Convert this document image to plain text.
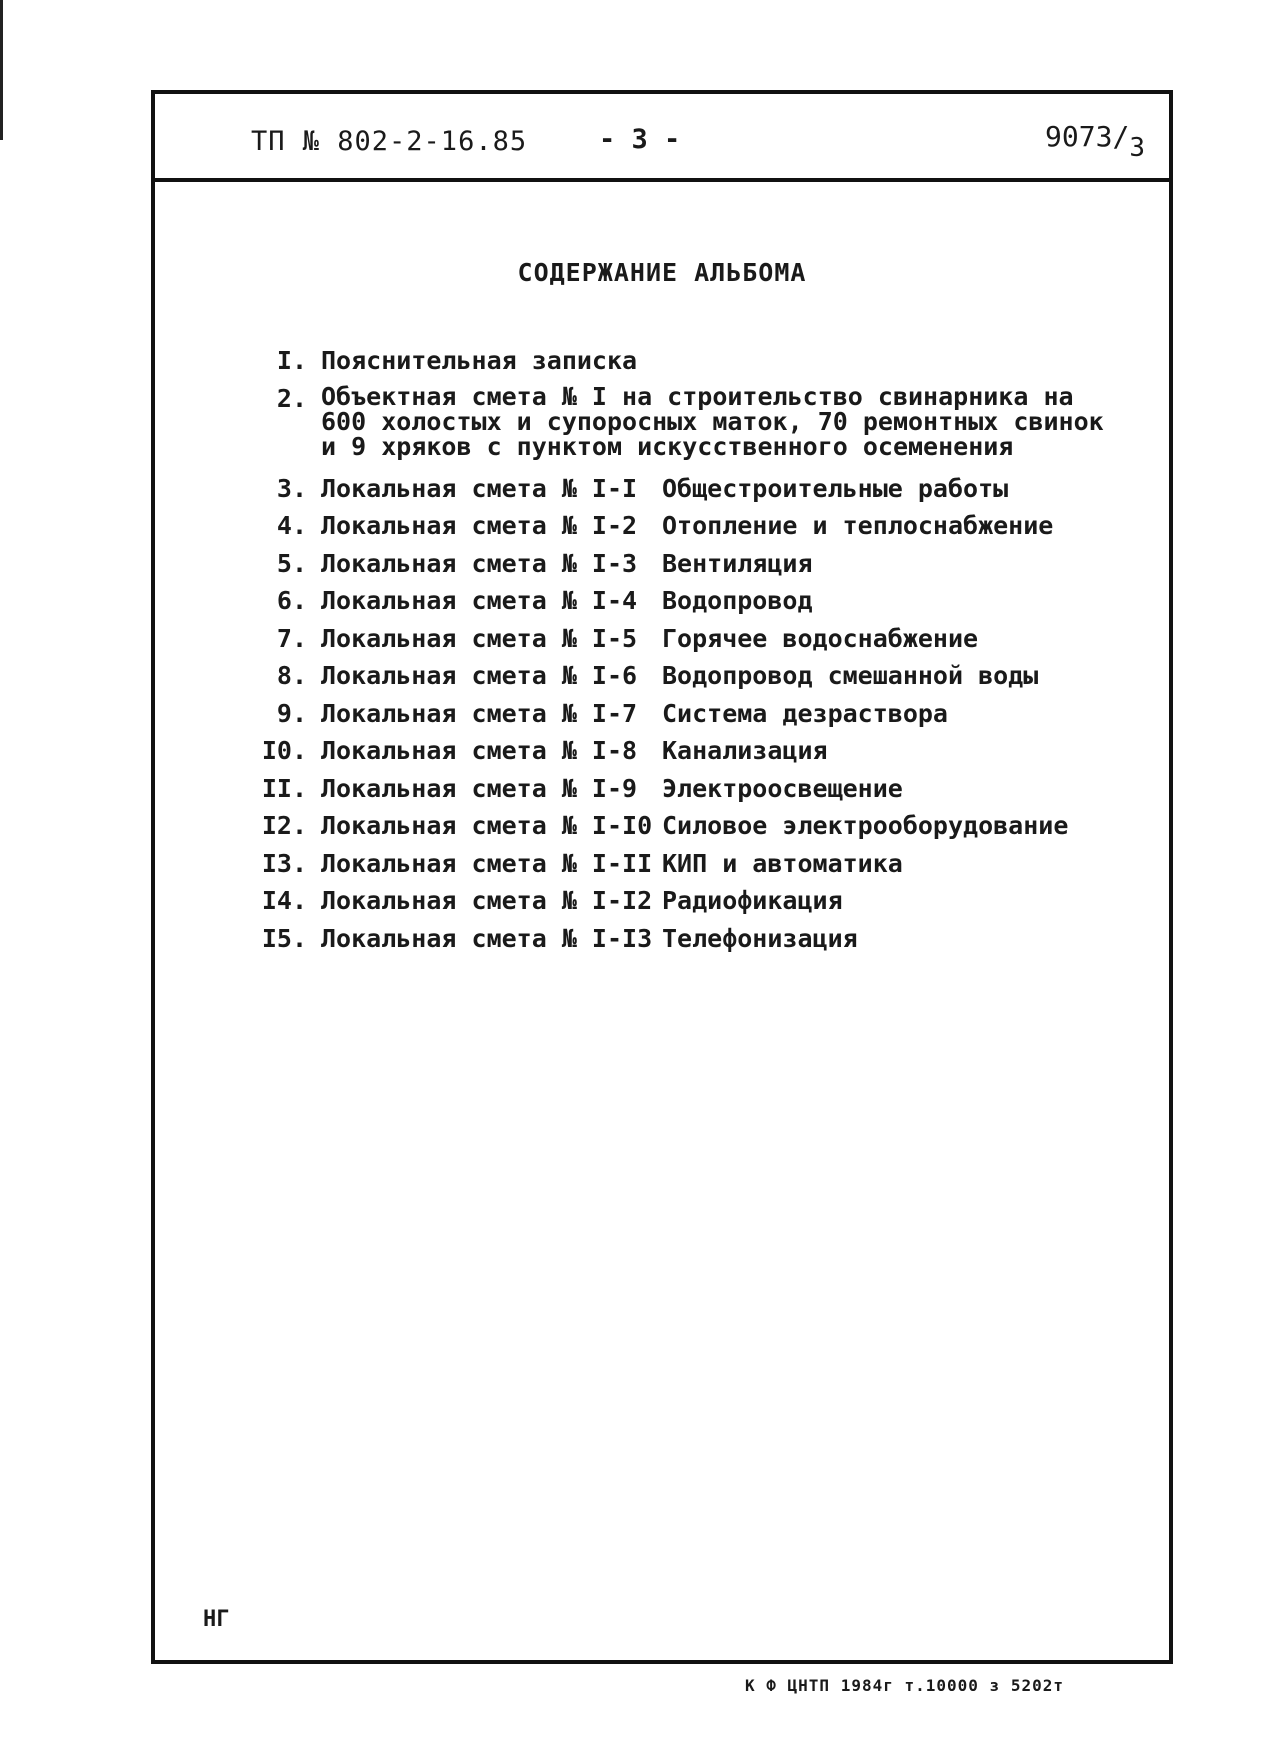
ТП № 802-2-16.85	- 3 -	$9073/_3$
СОДЕРЖАНИЕ АЛЬБОМА
I. Пояснительная записка
2. Объектная смета № I на строительство свинарника на 600 холостых и супоросных маток, 70 ремонтных свинок и 9 хряков с пунктом искусственного осеменения
3. Локальная смета № I-I Общестроительные работы
4. Локальная смета № I-2 Отопление и теплоснабжение
5. Локальная смета № I-3 Вентиляция
6. Локальная смета № I-4 Водопровод
7. Локальная смета № I-5 Горячее водоснабжение
8. Локальная смета № I-6 Водопровод смешанной воды
9. Локальная смета № I-7 Система дезраствора
I0. Локальная смета № I-8 Канализация
II. Локальная смета № I-9 Электроосвещение
I2. Локальная смета № I-I0 Силовое электрооборудование
I3. Локальная смета № I-II КИП и автоматика
I4. Локальная смета № I-I2 Радиофикация
I5. Локальная смета № I-I3 Телефонизация
НГ
К Ф ЦНТП 1984г т.10000 з 5202т
